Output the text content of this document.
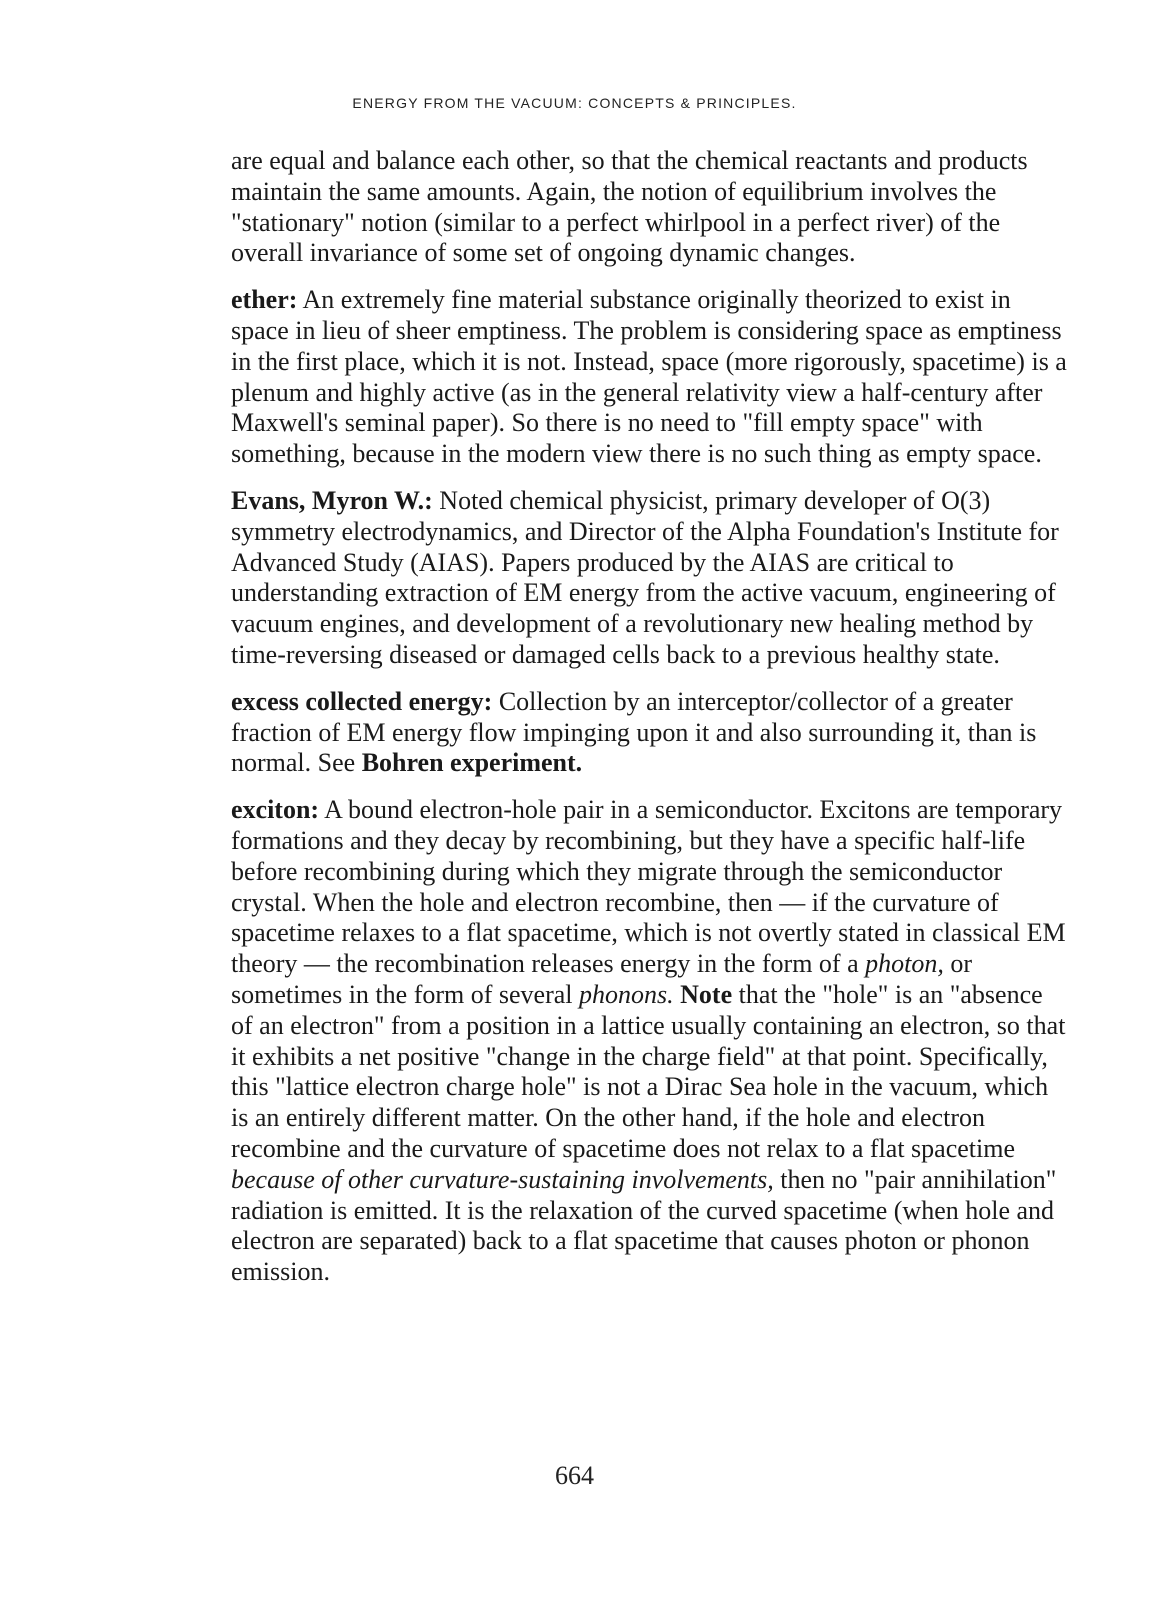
ENERGY FROM THE VACUUM: CONCEPTS & PRINCIPLES.

are equal and balance each other, so that the chemical reactants and products maintain the same amounts. Again, the notion of equilibrium involves the "stationary" notion (similar to a perfect whirlpool in a perfect river) of the overall invariance of some set of ongoing dynamic changes.

ether: An extremely fine material substance originally theorized to exist in space in lieu of sheer emptiness. The problem is considering space as emptiness in the first place, which it is not. Instead, space (more rigorously, spacetime) is a plenum and highly active (as in the general relativity view a half-century after Maxwell's seminal paper). So there is no need to "fill empty space" with something, because in the modern view there is no such thing as empty space.

Evans, Myron W.: Noted chemical physicist, primary developer of O(3) symmetry electrodynamics, and Director of the Alpha Foundation's Institute for Advanced Study (AIAS). Papers produced by the AIAS are critical to understanding extraction of EM energy from the active vacuum, engineering of vacuum engines, and development of a revolutionary new healing method by time-reversing diseased or damaged cells back to a previous healthy state.

excess collected energy: Collection by an interceptor/collector of a greater fraction of EM energy flow impinging upon it and also surrounding it, than is normal. See Bohren experiment.

exciton: A bound electron-hole pair in a semiconductor. Excitons are temporary formations and they decay by recombining, but they have a specific half-life before recombining during which they migrate through the semiconductor crystal. When the hole and electron recombine, then — if the curvature of spacetime relaxes to a flat spacetime, which is not overtly stated in classical EM theory — the recombination releases energy in the form of a photon, or sometimes in the form of several phonons. Note that the "hole" is an "absence of an electron" from a position in a lattice usually containing an electron, so that it exhibits a net positive "change in the charge field" at that point. Specifically, this "lattice electron charge hole" is not a Dirac Sea hole in the vacuum, which is an entirely different matter. On the other hand, if the hole and electron recombine and the curvature of spacetime does not relax to a flat spacetime because of other curvature-sustaining involvements, then no "pair annihilation" radiation is emitted. It is the relaxation of the curved spacetime (when hole and electron are separated) back to a flat spacetime that causes photon or phonon emission.

664
